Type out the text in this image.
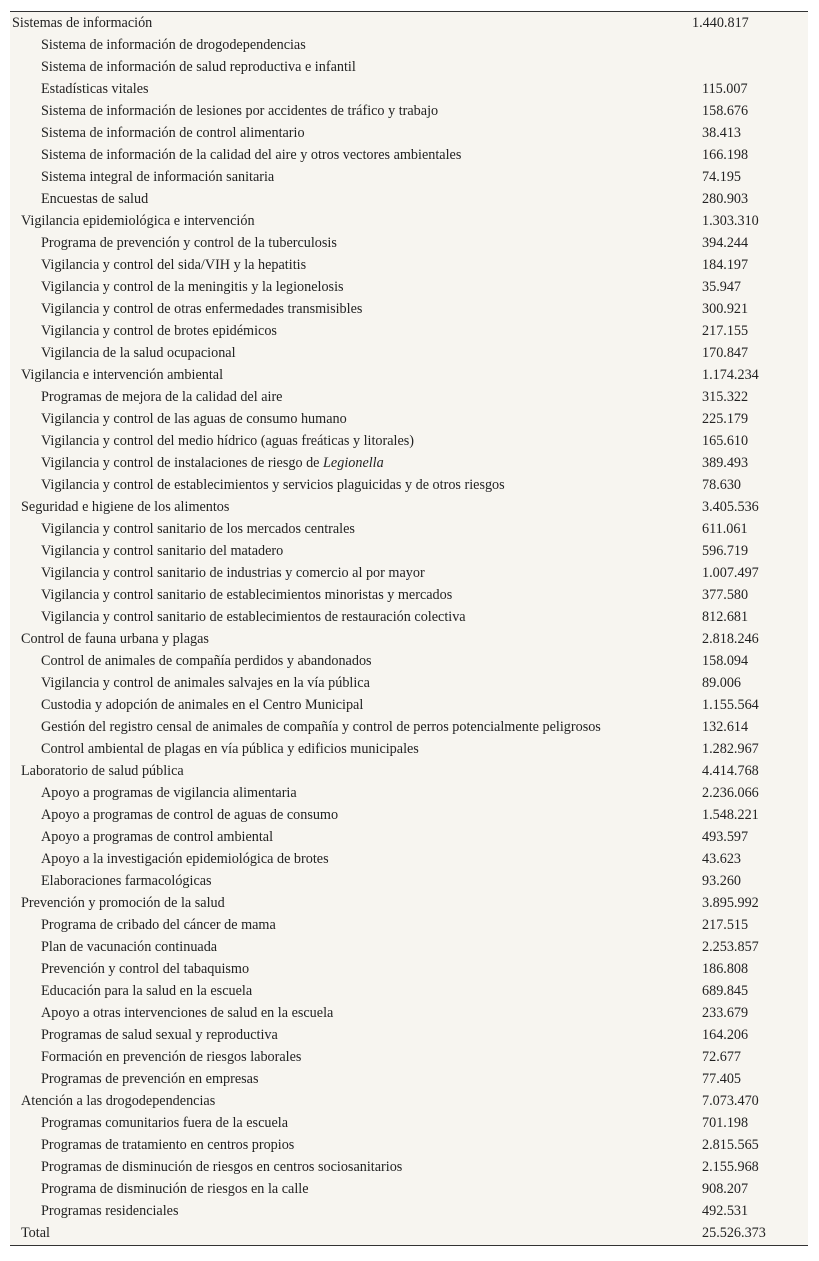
Sistemas de información	1.440.817
Sistema de información de drogodependencias
Sistema de información de salud reproductiva e infantil
Estadísticas vitales	115.007
Sistema de información de lesiones por accidentes de tráfico y trabajo	158.676
Sistema de información de control alimentario	38.413
Sistema de información de la calidad del aire y otros vectores ambientales	166.198
Sistema integral de información sanitaria	74.195
Encuestas de salud	280.903
Vigilancia epidemiológica e intervención	1.303.310
Programa de prevención y control de la tuberculosis	394.244
Vigilancia y control del sida/VIH y la hepatitis	184.197
Vigilancia y control de la meningitis y la legionelosis	35.947
Vigilancia y control de otras enfermedades transmisibles	300.921
Vigilancia y control de brotes epidémicos	217.155
Vigilancia de la salud ocupacional	170.847
Vigilancia e intervención ambiental	1.174.234
Programas de mejora de la calidad del aire	315.322
Vigilancia y control de las aguas de consumo humano	225.179
Vigilancia y control del medio hídrico (aguas freáticas y litorales)	165.610
Vigilancia y control de instalaciones de riesgo de Legionella	389.493
Vigilancia y control de establecimientos y servicios plaguicidas y de otros riesgos	78.630
Seguridad e higiene de los alimentos	3.405.536
Vigilancia y control sanitario de los mercados centrales	611.061
Vigilancia y control sanitario del matadero	596.719
Vigilancia y control sanitario de industrias y comercio al por mayor	1.007.497
Vigilancia y control sanitario de establecimientos minoristas y mercados	377.580
Vigilancia y control sanitario de establecimientos de restauración colectiva	812.681
Control de fauna urbana y plagas	2.818.246
Control de animales de compañía perdidos y abandonados	158.094
Vigilancia y control de animales salvajes en la vía pública	89.006
Custodia y adopción de animales en el Centro Municipal	1.155.564
Gestión del registro censal de animales de compañía y control de perros potencialmente peligrosos	132.614
Control ambiental de plagas en vía pública y edificios municipales	1.282.967
Laboratorio de salud pública	4.414.768
Apoyo a programas de vigilancia alimentaria	2.236.066
Apoyo a programas de control de aguas de consumo	1.548.221
Apoyo a programas de control ambiental	493.597
Apoyo a la investigación epidemiológica de brotes	43.623
Elaboraciones farmacológicas	93.260
Prevención y promoción de la salud	3.895.992
Programa de cribado del cáncer de mama	217.515
Plan de vacunación continuada	2.253.857
Prevención y control del tabaquismo	186.808
Educación para la salud en la escuela	689.845
Apoyo a otras intervenciones de salud en la escuela	233.679
Programas de salud sexual y reproductiva	164.206
Formación en prevención de riesgos laborales	72.677
Programas de prevención en empresas	77.405
Atención a las drogodependencias	7.073.470
Programas comunitarios fuera de la escuela	701.198
Programas de tratamiento en centros propios	2.815.565
Programas de disminución de riesgos en centros sociosanitarios	2.155.968
Programa de disminución de riesgos en la calle	908.207
Programas residenciales	492.531
Total	25.526.373
